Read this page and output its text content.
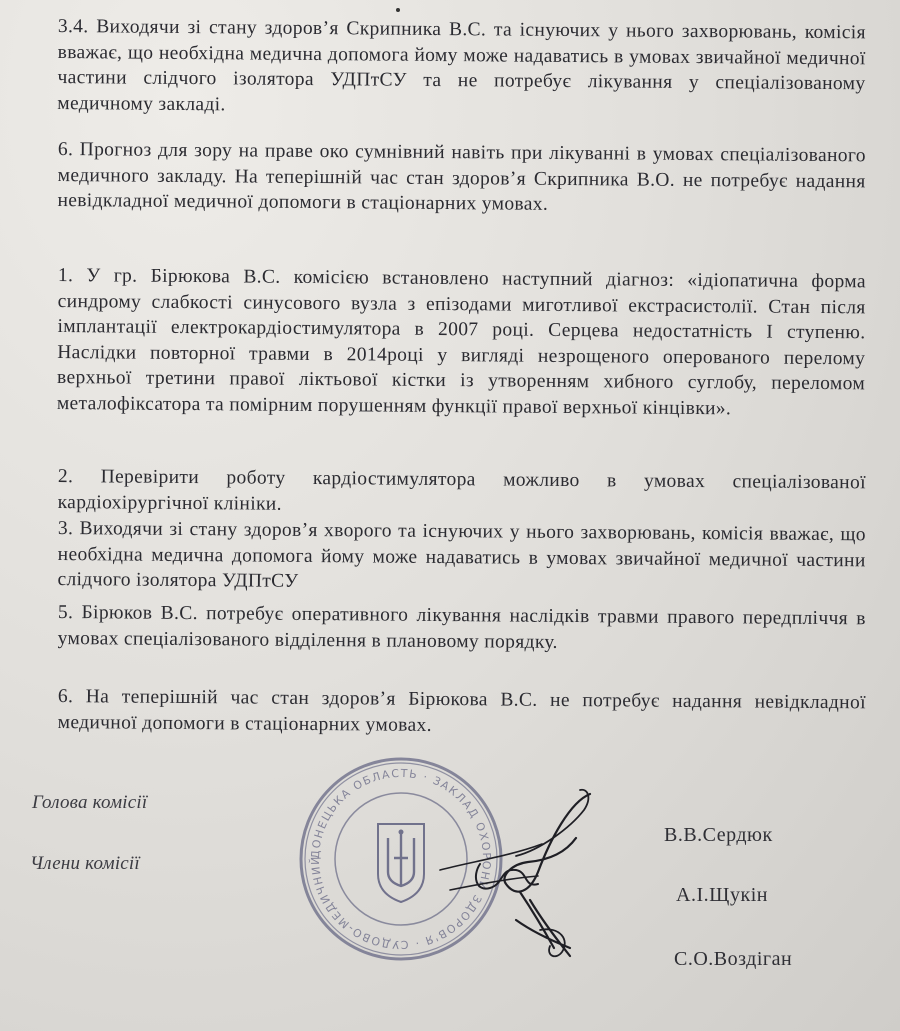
3.4. Виходячи зі стану здоров’я Скрипника В.С. та існуючих у нього захворювань, комісія вважає, що необхідна медична допомога йому може надаватись в умовах звичайної медичної частини слідчого ізолятора УДПтСУ та не потребує лікування у спеціалізованому медичному закладі.
6. Прогноз для зору на праве око сумнівний навіть при лікуванні в умовах спеціалізованого медичного закладу. На теперішній час стан здоров’я Скрипника В.О. не потребує надання невідкладної медичної допомоги в стаціонарних умовах.
1. У гр. Бірюкова В.С. комісією встановлено наступний діагноз: «ідіопатична форма синдрому слабкості синусового вузла з епізодами миготливої екстрасистолії. Стан після імплантації електрокардіостимулятора в 2007 році. Серцева недостатність І ступеню. Наслідки повторної травми в 2014році у вигляді незрощеного оперованого перелому верхньої третини правої ліктьової кістки із утворенням хибного суглобу, переломом металофіксатора та помірним порушенням функції правої верхньої кінцівки».
2. Перевірити роботу кардіостимулятора можливо в умовах спеціалізованої кардіохірургічної клініки.
3. Виходячи зі стану здоров’я хворого та існуючих у нього захворювань, комісія вважає, що необхідна медична допомога йому може надаватись в умовах звичайної медичної частини слідчого ізолятора УДПтСУ
5. Бірюков В.С. потребує оперативного лікування наслідків травми правого передпліччя в умовах спеціалізованого відділення в плановому порядку.
6. На теперішній час стан здоров’я Бірюкова В.С. не потребує надання невідкладної медичної допомоги в стаціонарних умовах.
Голова комісії
Члени комісії	ДОНЕЦЬКА ОБЛАСТЬ · ЗАКЛАД ОХОРОНИ ЗДОРОВ'Я · СУДОВО-МЕДИЧНИЙ
В.В.Сердюк
А.І.Щукін
С.О.Воздіган
